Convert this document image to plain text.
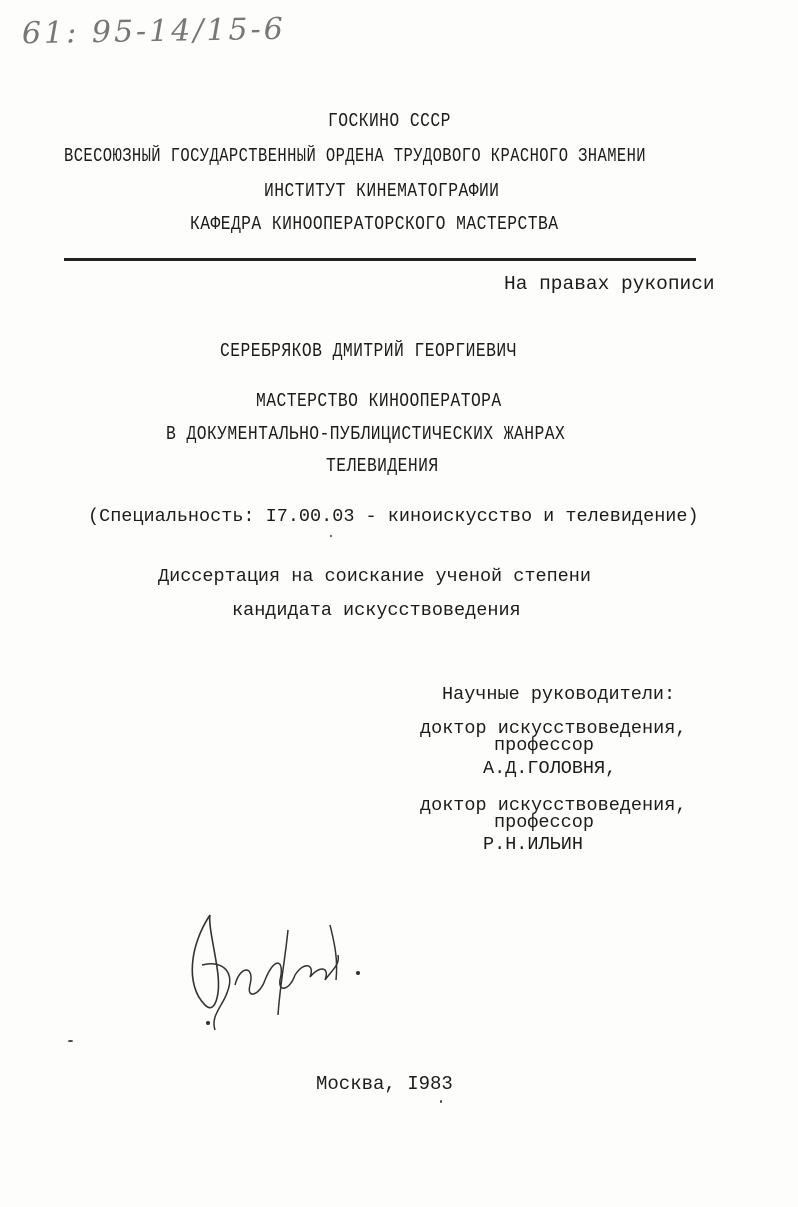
61: 95-14/15-6
ГОСКИНО СССР
ВСЕСОЮЗНЫЙ ГОСУДАРСТВЕННЫЙ ОРДЕНА ТРУДОВОГО КРАСНОГО ЗНАМЕНИ
ИНСТИТУТ КИНЕМАТОГРАФИИ
КАФЕДРА КИНООПЕРАТОРСКОГО МАСТЕРСТВА
На правах рукописи
СЕРЕБРЯКОВ ДМИТРИЙ ГЕОРГИЕВИЧ
МАСТЕРСТВО КИНООПЕРАТОРА
В ДОКУМЕНТАЛЬНО-ПУБЛИЦИСТИЧЕСКИХ ЖАНРАХ
ТЕЛЕВИДЕНИЯ
(Специальность: I7.00.03 - киноискусство и телевидение)
Диссертация на соискание ученой степени
кандидата искусствоведения
Научные руководители:
доктор искусствоведения,
профессор
А.Д.ГОЛОВНЯ,
доктор искусствоведения,
профессор
Р.Н.ИЛЬИН
Москва, I983
